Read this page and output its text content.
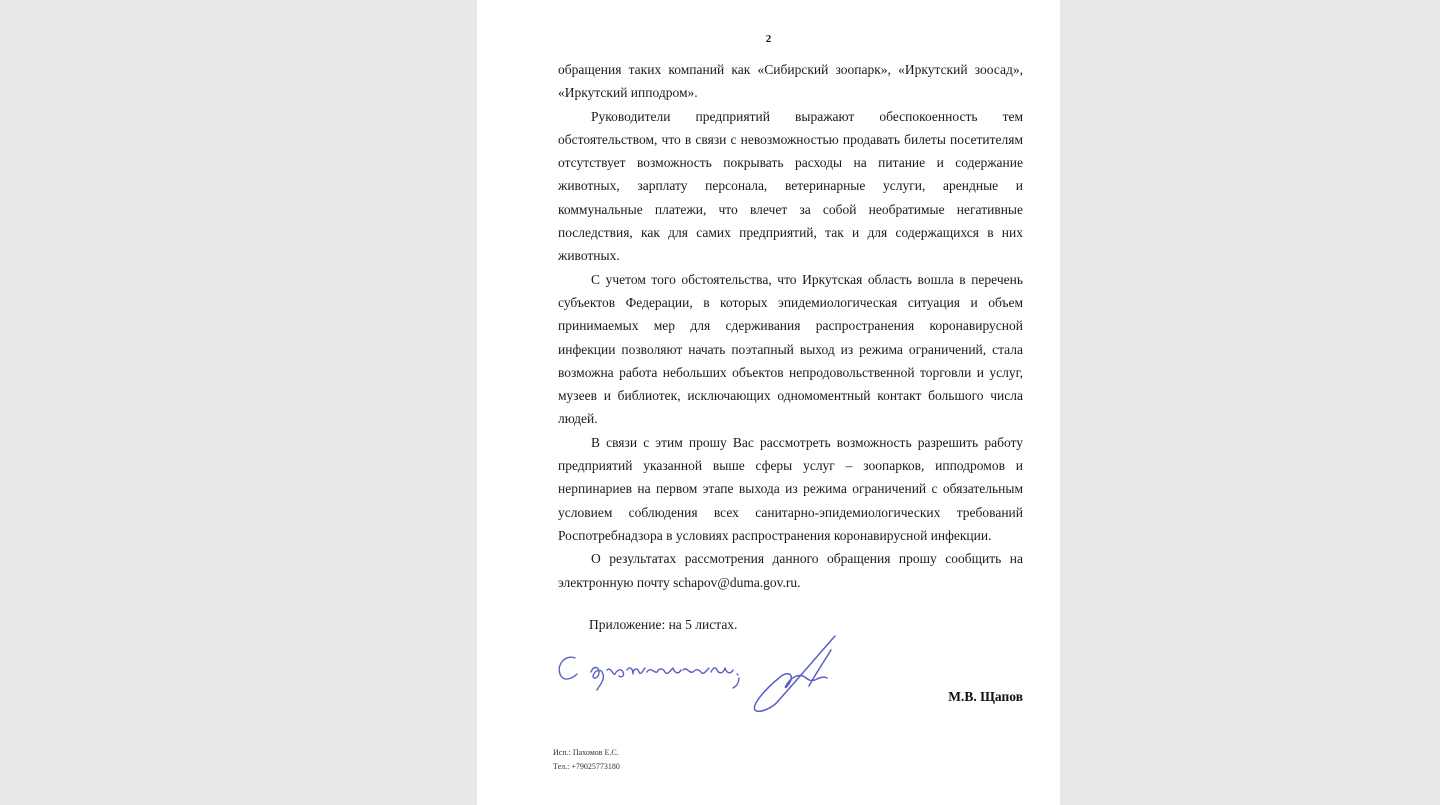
2

обращения таких компаний как «Сибирский зоопарк», «Иркутский зоосад», «Иркутский ипподром».

Руководители предприятий выражают обеспокоенность тем обстоятельством, что в связи с невозможностью продавать билеты посетителям отсутствует возможность покрывать расходы на питание и содержание животных, зарплату персонала, ветеринарные услуги, арендные и коммунальные платежи, что влечет за собой необратимые негативные последствия, как для самих предприятий, так и для содержащихся в них животных.

С учетом того обстоятельства, что Иркутская область вошла в перечень субъектов Федерации, в которых эпидемиологическая ситуация и объем принимаемых мер для сдерживания распространения коронавирусной инфекции позволяют начать поэтапный выход из режима ограничений, стала возможна работа небольших объектов непродовольственной торговли и услуг, музеев и библиотек, исключающих одномоментный контакт большого числа людей.

В связи с этим прошу Вас рассмотреть возможность разрешить работу предприятий указанной выше сферы услуг – зоопарков, ипподромов и нерпинариев на первом этапе выхода из режима ограничений с обязательным условием соблюдения всех санитарно-эпидемиологических требований Роспотребнадзора в условиях распространения коронавирусной инфекции.

О результатах рассмотрения данного обращения прошу сообщить на электронную почту schapov@duma.gov.ru.

Приложение: на 5 листах.
М.В. Щапов
Исп.: Пахомов Е.С.
Тел.: +79025773180
